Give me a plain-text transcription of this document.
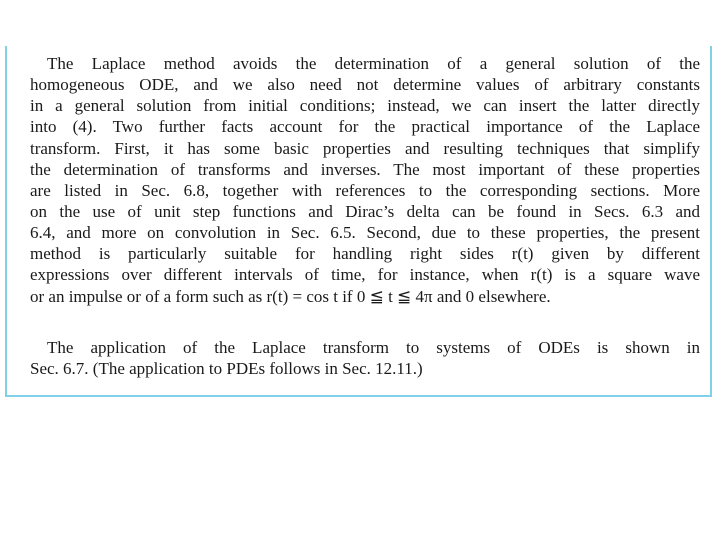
The Laplace method avoids the determination of a general solution of the
homogeneous ODE, and we also need not determine values of arbitrary constants
in a general solution from initial conditions; instead, we can insert the latter directly
into (4). Two further facts account for the practical importance of the Laplace
transform. First, it has some basic properties and resulting techniques that simplify
the determination of transforms and inverses. The most important of these properties
are listed in Sec. 6.8, together with references to the corresponding sections. More
on the use of unit step functions and Dirac’s delta can be found in Secs. 6.3 and
6.4, and more on convolution in Sec. 6.5. Second, due to these properties, the present
method is particularly suitable for handling right sides r(t) given by different
expressions over different intervals of time, for instance, when r(t) is a square wave
or an impulse or of a form such as r(t) = cos t if 0 ≦ t ≦ 4π and 0 elsewhere.
The application of the Laplace transform to systems of ODEs is shown in
Sec. 6.7. (The application to PDEs follows in Sec. 12.11.)
